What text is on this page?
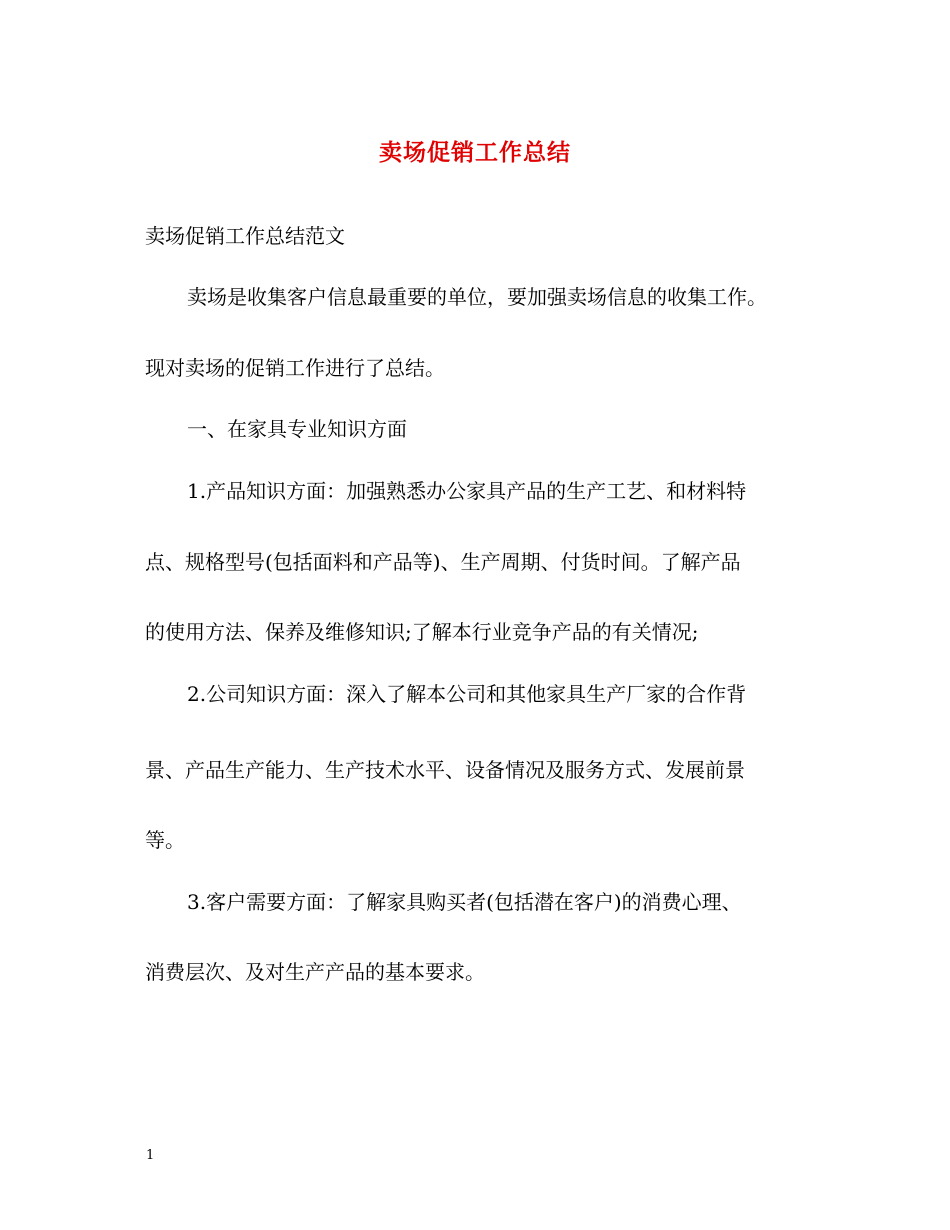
卖场促销工作总结
卖场促销工作总结范文
卖场是收集客户信息最重要的单位，要加强卖场信息的收集工作。
现对卖场的促销工作进行了总结。
一、在家具专业知识方面
1.产品知识方面：加强熟悉办公家具产品的生产工艺、和材料特
点、规格型号(包括面料和产品等)、生产周期、付货时间。了解产品
的使用方法、保养及维修知识;了解本行业竞争产品的有关情况;
2.公司知识方面：深入了解本公司和其他家具生产厂家的合作背
景、产品生产能力、生产技术水平、设备情况及服务方式、发展前景
等。
3.客户需要方面：了解家具购买者(包括潜在客户)的消费心理、
消费层次、及对生产产品的基本要求。
1
